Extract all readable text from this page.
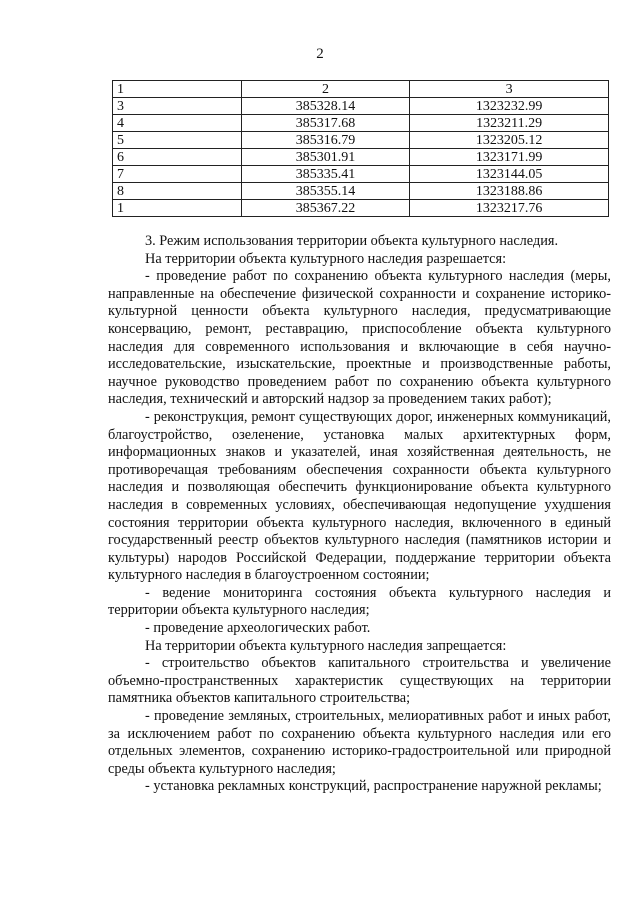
2
1	2	3
3	385328.14	1323232.99
4	385317.68	1323211.29
5	385316.79	1323205.12
6	385301.91	1323171.99
7	385335.41	1323144.05
8	385355.14	1323188.86
1	385367.22	1323217.76

3. Режим использования территории объекта культурного наследия.

На территории объекта культурного наследия разрешается:

- проведение работ по сохранению объекта культурного наследия (меры, направленные на обеспечение физической сохранности и сохранение историко-культурной ценности объекта культурного наследия, предусматривающие консервацию, ремонт, реставрацию, приспособление объекта культурного наследия для современного использования и включающие в себя научно-исследовательские, изыскательские, проектные и производственные работы, научное руководство проведением работ по сохранению объекта культурного наследия, технический и авторский надзор за проведением таких работ);

- реконструкция, ремонт существующих дорог, инженерных коммуникаций, благоустройство, озеленение, установка малых архитектурных форм, информационных знаков и указателей, иная хозяйственная деятельность, не противоречащая требованиям обеспечения сохранности объекта культурного наследия и позволяющая обеспечить функционирование объекта культурного наследия в современных условиях, обеспечивающая недопущение ухудшения состояния территории объекта культурного наследия, включенного в единый государственный реестр объектов культурного наследия (памятников истории и культуры) народов Российской Федерации, поддержание территории объекта культурного наследия в благоустроенном состоянии;

- ведение мониторинга состояния объекта культурного наследия и территории объекта культурного наследия;

- проведение археологических работ.

На территории объекта культурного наследия запрещается:

- строительство объектов капитального строительства и увеличение объемно-пространственных характеристик существующих на территории памятника объектов капитального строительства;

- проведение земляных, строительных, мелиоративных работ и иных работ, за исключением работ по сохранению объекта культурного наследия или его отдельных элементов, сохранению историко-градостроительной или природной среды объекта культурного наследия;

- установка рекламных конструкций, распространение наружной рекламы;
